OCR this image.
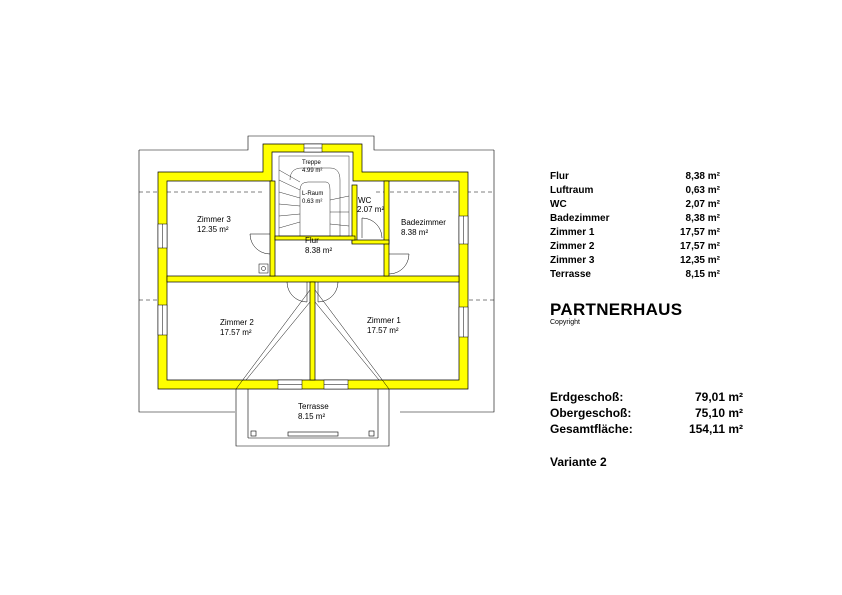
Treppe
4.99 m²
L-Raum
0.63 m²	WC
2.07 m²
Badezimmer
8.38 m²
Zimmer 3
12.35 m²
Flur
8.38 m²
Zimmer 2
17.57 m²
Zimmer 1
17.57 m²
Terrasse
8.15 m²
Flur	8,38 m²
Luftraum	0,63 m²
WC	2,07 m²
Badezimmer	8,38 m²
Zimmer 1	17,57 m²
Zimmer 2	17,57 m²
Zimmer 3	12,35 m²
Terrasse	8,15 m²
PARTNERHAUS
Copyright
Erdgeschoß:	79,01 m²
Obergeschoß:	75,10 m²
Gesamtfläche:	154,11 m²
Variante 2
